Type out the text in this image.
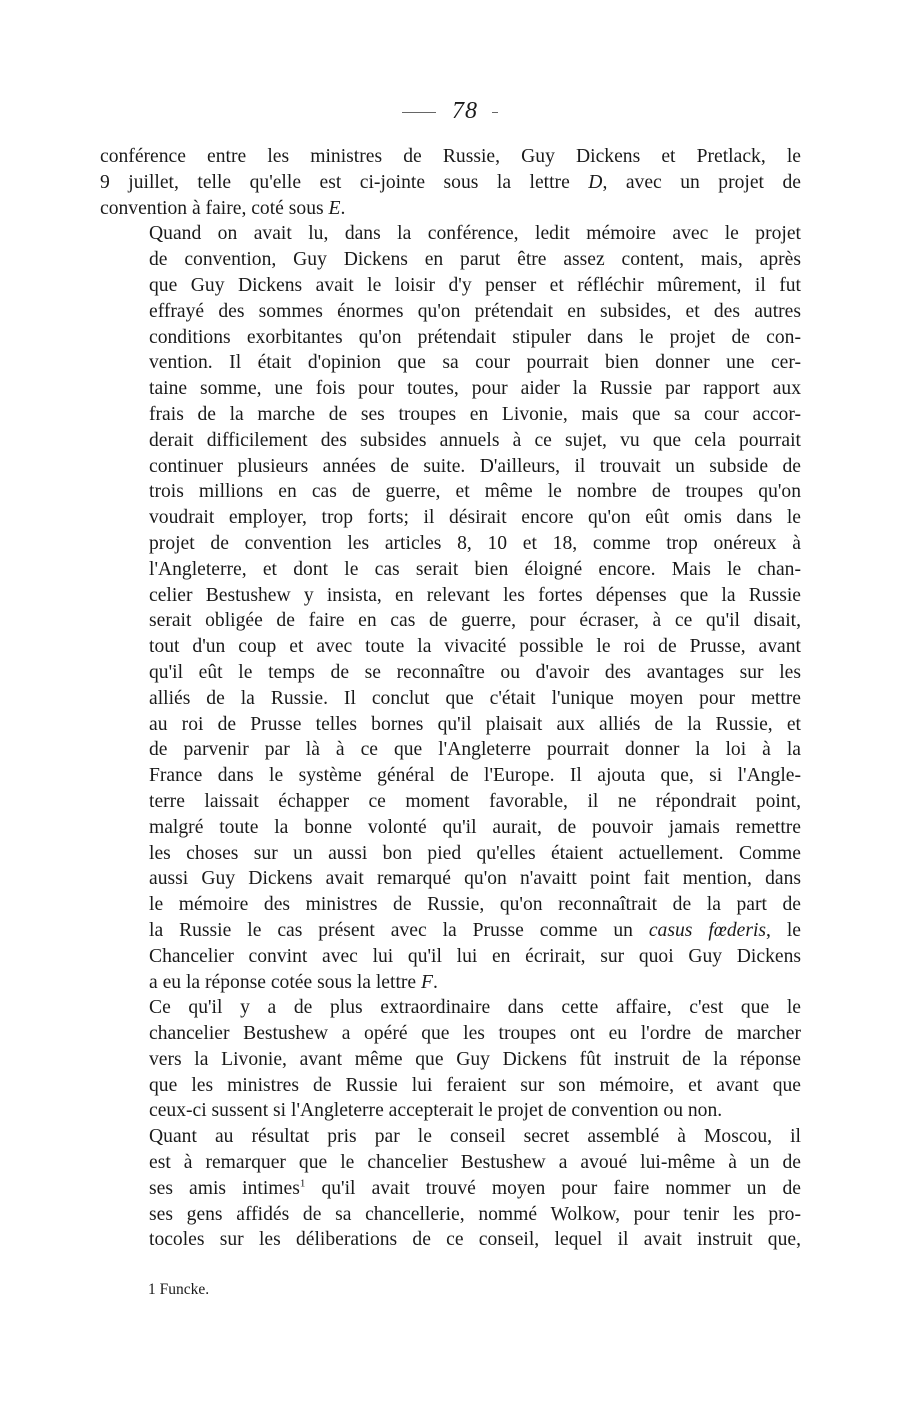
78

conférence entre les ministres de Russie, Guy Dickens et Pretlack, le
9 juillet, telle qu'elle est ci-jointe sous la lettre D, avec un projet de
convention à faire, coté sous E.

Quand on avait lu, dans la conférence, ledit mémoire avec le projet
de convention, Guy Dickens en parut être assez content, mais, après
que Guy Dickens avait le loisir d'y penser et réfléchir mûrement, il fut
effrayé des sommes énormes qu'on prétendait en subsides, et des autres
conditions exorbitantes qu'on prétendait stipuler dans le projet de con-
vention. Il était d'opinion que sa cour pourrait bien donner une cer-
taine somme, une fois pour toutes, pour aider la Russie par rapport aux
frais de la marche de ses troupes en Livonie, mais que sa cour accor-
derait difficilement des subsides annuels à ce sujet, vu que cela pourrait
continuer plusieurs années de suite. D'ailleurs, il trouvait un subside de
trois millions en cas de guerre, et même le nombre de troupes qu'on
voudrait employer, trop forts; il désirait encore qu'on eût omis dans le
projet de convention les articles 8, 10 et 18, comme trop onéreux à
l'Angleterre, et dont le cas serait bien éloigné encore. Mais le chan-
celier Bestushew y insista, en relevant les fortes dépenses que la Russie
serait obligée de faire en cas de guerre, pour écraser, à ce qu'il disait,
tout d'un coup et avec toute la vivacité possible le roi de Prusse, avant
qu'il eût le temps de se reconnaître ou d'avoir des avantages sur les
alliés de la Russie. Il conclut que c'était l'unique moyen pour mettre
au roi de Prusse telles bornes qu'il plaisait aux alliés de la Russie, et
de parvenir par là à ce que l'Angleterre pourrait donner la loi à la
France dans le système général de l'Europe. Il ajouta que, si l'Angle-
terre laissait échapper ce moment favorable, il ne répondrait point,
malgré toute la bonne volonté qu'il aurait, de pouvoir jamais remettre
les choses sur un aussi bon pied qu'elles étaient actuellement. Comme
aussi Guy Dickens avait remarqué qu'on n'avaitt point fait mention, dans
le mémoire des ministres de Russie, qu'on reconnaîtrait de la part de
la Russie le cas présent avec la Prusse comme un casus fœderis, le
Chancelier convint avec lui qu'il lui en écrirait, sur quoi Guy Dickens
a eu la réponse cotée sous la lettre F.

Ce qu'il y a de plus extraordinaire dans cette affaire, c'est que le
chancelier Bestushew a opéré que les troupes ont eu l'ordre de marcher
vers la Livonie, avant même que Guy Dickens fût instruit de la réponse
que les ministres de Russie lui feraient sur son mémoire, et avant que
ceux-ci sussent si l'Angleterre accepterait le projet de convention ou non.

Quant au résultat pris par le conseil secret assemblé à Moscou, il
est à remarquer que le chancelier Bestushew a avoué lui-même à un de
ses amis intimes$^1$ qu'il avait trouvé moyen pour faire nommer un de
ses gens affidés de sa chancellerie, nommé Wolkow, pour tenir les pro-
tocoles sur les déliberations de ce conseil, lequel il avait instruit que,

1 Funcke.
